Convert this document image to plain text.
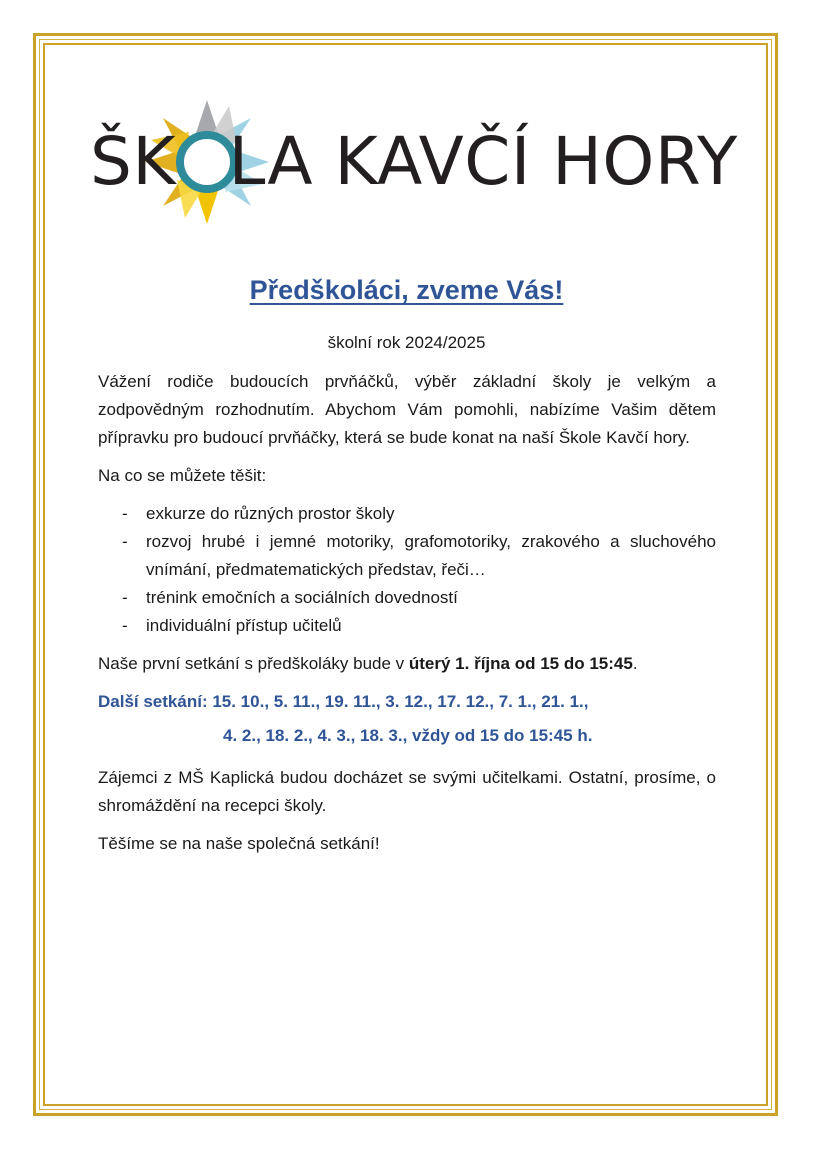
ŠK LA KAVČÍ HORY
Předškoláci, zveme Vás!
školní rok 2024/2025

Vážení rodiče budoucích prvňáčků, výběr základní školy je velkým a zodpovědným rozhodnutím. Abychom Vám pomohli, nabízíme Vašim dětem přípravku pro budoucí prvňáčky, která se bude konat na naší Škole Kavčí hory.

Na co se můžete těšit:

- exkurze do různých prostor školy
- rozvoj hrubé i jemné motoriky, grafomotoriky, zrakového a sluchového vnímání, předmatematických představ, řeči…
- trénink emočních a sociálních dovedností
- individuální přístup učitelů

Naše první setkání s předškoláky bude v úterý 1. října od 15 do 15:45.

Další setkání: 15. 10., 5. 11., 19. 11., 3. 12., 17. 12., 7. 1., 21. 1.,

4. 2., 18. 2., 4. 3., 18. 3., vždy od 15 do 15:45 h.

Zájemci z MŠ Kaplická budou docházet se svými učitelkami. Ostatní, prosíme, o shromáždění na recepci školy.

Těšíme se na naše společná setkání!
